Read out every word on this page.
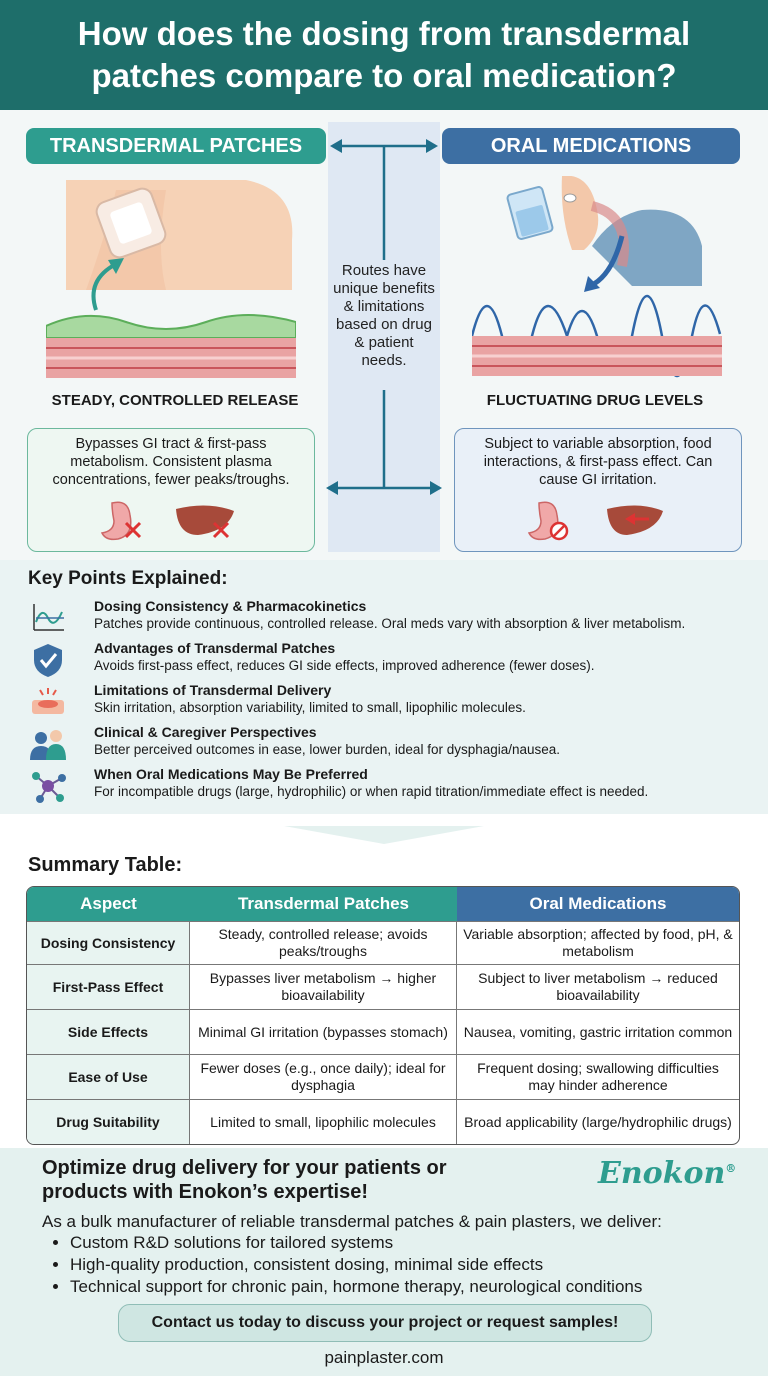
How does the dosing from transdermal patches compare to oral medication?
TRANSDERMAL PATCHES	ORAL MEDICATIONS
Routes have unique benefits & limitations based on drug & patient needs.
STEADY, CONTROLLED RELEASE	FLUCTUATING DRUG LEVELS

Bypasses GI tract & first-pass metabolism. Consistent plasma concentrations, fewer peaks/troughs.

Subject to variable absorption, food interactions, & first-pass effect. Can cause GI irritation.

Key Points Explained:
Dosing Consistency & Pharmacokinetics
Patches provide continuous, controlled release. Oral meds vary with absorption & liver metabolism.
Advantages of Transdermal Patches
Avoids first-pass effect, reduces GI side effects, improved adherence (fewer doses).
Limitations of Transdermal Delivery
Skin irritation, absorption variability, limited to small, lipophilic molecules.
Clinical & Caregiver Perspectives
Better perceived outcomes in ease, lower burden, ideal for dysphagia/nausea.
When Oral Medications May Be Preferred
For incompatible drugs (large, hydrophilic) or when rapid titration/immediate effect is needed.
Summary Table:
Aspect	Transdermal Patches	Oral Medications
Dosing Consistency	Steady, controlled release; avoids peaks/troughs	Variable absorption; affected by food, pH, & metabolism
First-Pass Effect	Bypasses liver metabolism → higher bioavailability	Subject to liver metabolism → reduced bioavailability
Side Effects	Minimal GI irritation (bypasses stomach)	Nausea, vomiting, gastric irritation common
Ease of Use	Fewer doses (e.g., once daily); ideal for dysphagia	Frequent dosing; swallowing difficulties may hinder adherence
Drug Suitability	Limited to small, lipophilic molecules	Broad applicability (large/hydrophilic drugs)
Optimize drug delivery for your patients or products with Enokon’s expertise!
Enokon®
As a bulk manufacturer of reliable transdermal patches & pain plasters, we deliver:
• Custom R&D solutions for tailored systems
• High-quality production, consistent dosing, minimal side effects
• Technical support for chronic pain, hormone therapy, neurological conditions
Contact us today to discuss your project or request samples!
painplaster.com
